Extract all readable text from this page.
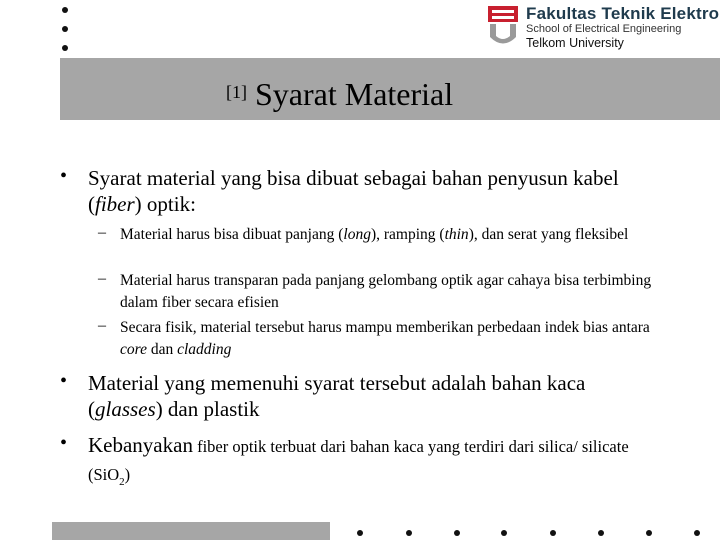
Fakultas Teknik Elektro
School of Electrical Engineering
Telkom University
[1] Syarat Material
• Syarat material yang bisa dibuat sebagai bahan penyusun kabel (fiber) optik:
– Material harus bisa dibuat panjang (long), ramping (thin), dan serat yang fleksibel
– Material harus transparan pada panjang gelombang optik agar cahaya bisa terbimbing dalam fiber secara efisien
– Secara fisik, material tersebut harus mampu memberikan perbedaan indek bias antara core dan cladding
• Material yang memenuhi syarat tersebut adalah bahan kaca (glasses) dan plastik
• Kebanyakan fiber optik terbuat dari bahan kaca yang terdiri dari silica/ silicate (SiO$_2$)
